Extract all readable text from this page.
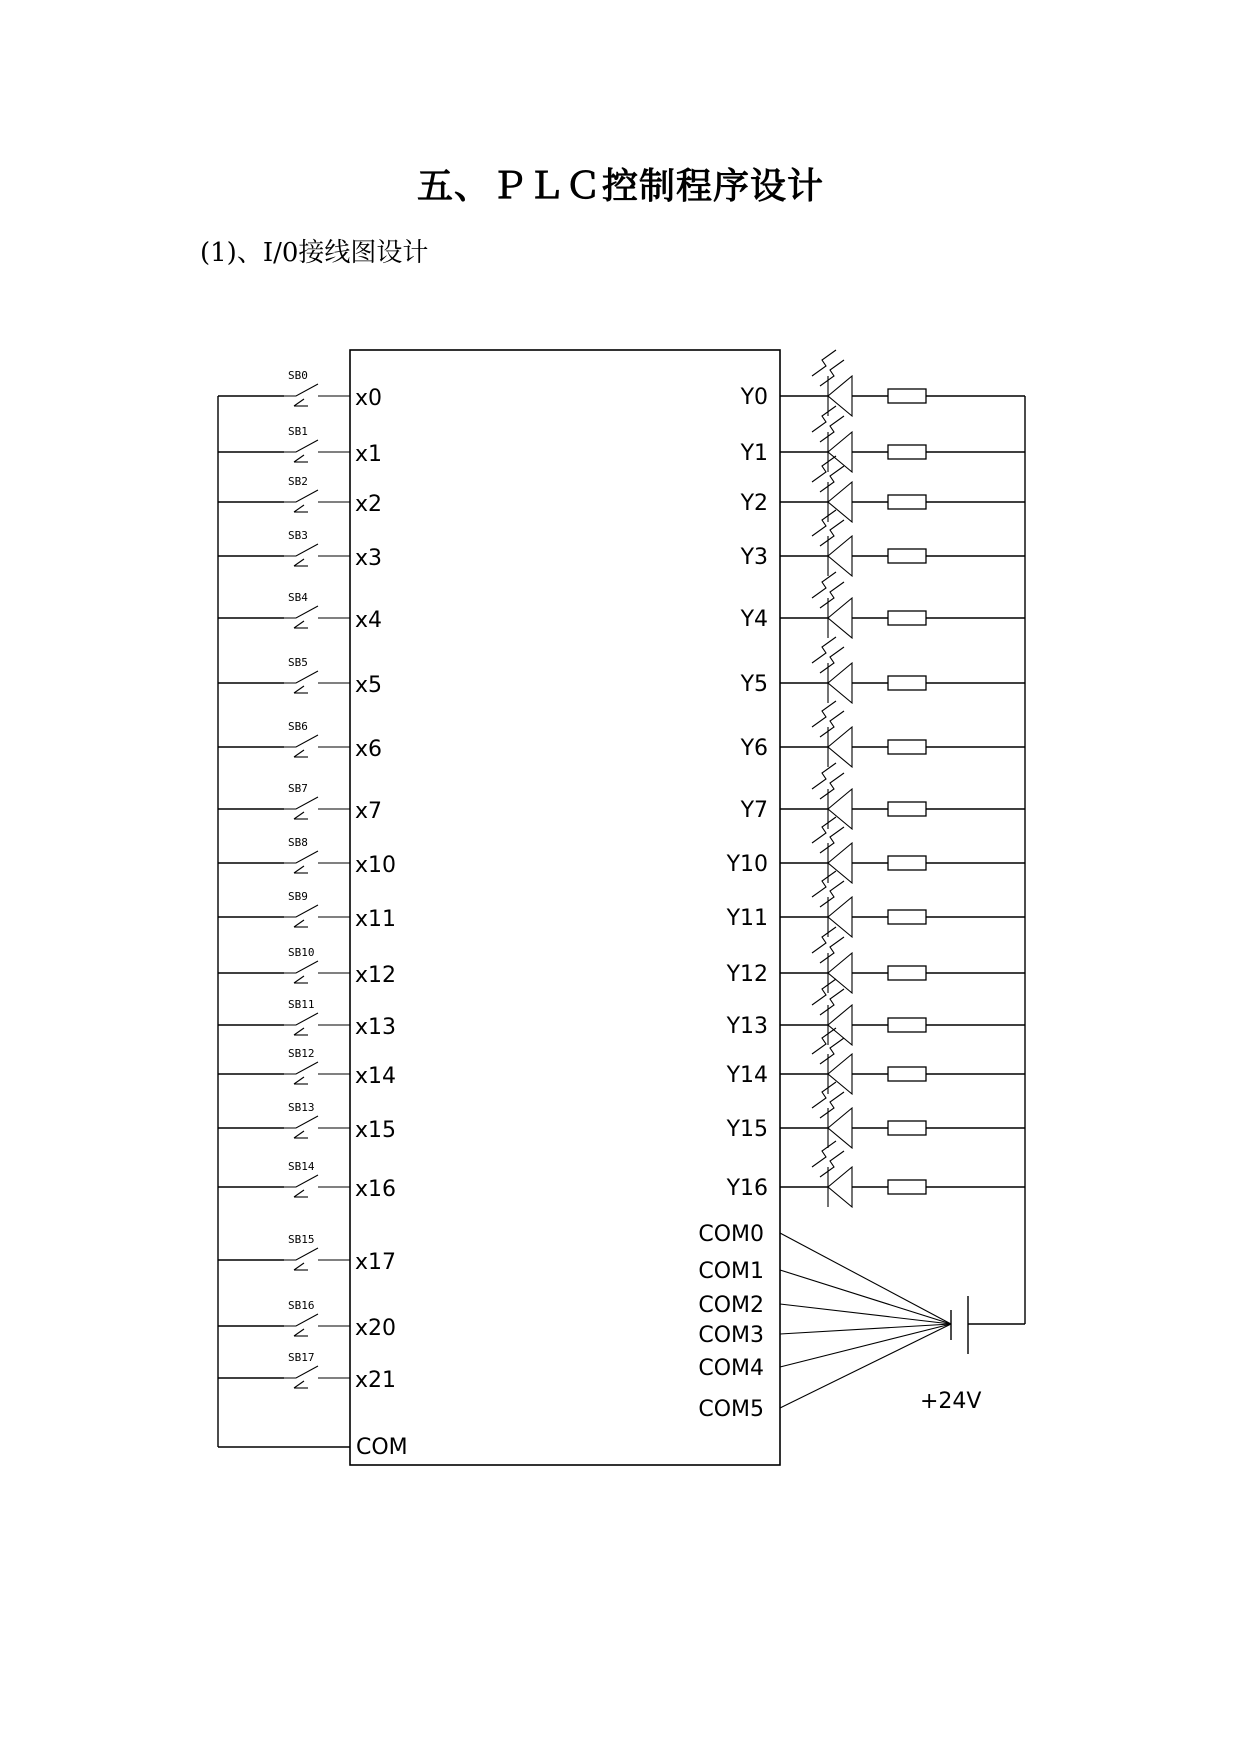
五、ＰＬＣ控制程序设计
(1)、I/0接线图设计
SB0
x0
SB1
x1
SB2
x2
SB3
x3
SB4
x4
SB5
x5
SB6
x6
SB7
x7
SB8
x10
SB9
x11
SB10
x12
SB11
x13
SB12
x14
SB13
x15
SB14
x16
SB15
x17
SB16
x20
SB17
x21
Y0
Y1
Y2
Y3
Y4
Y5
Y6
Y7
Y10
Y11
Y12
Y13
Y14
Y15
Y16
COM0
COM1
COM2
COM3
COM4
COM5
COM
+24V
